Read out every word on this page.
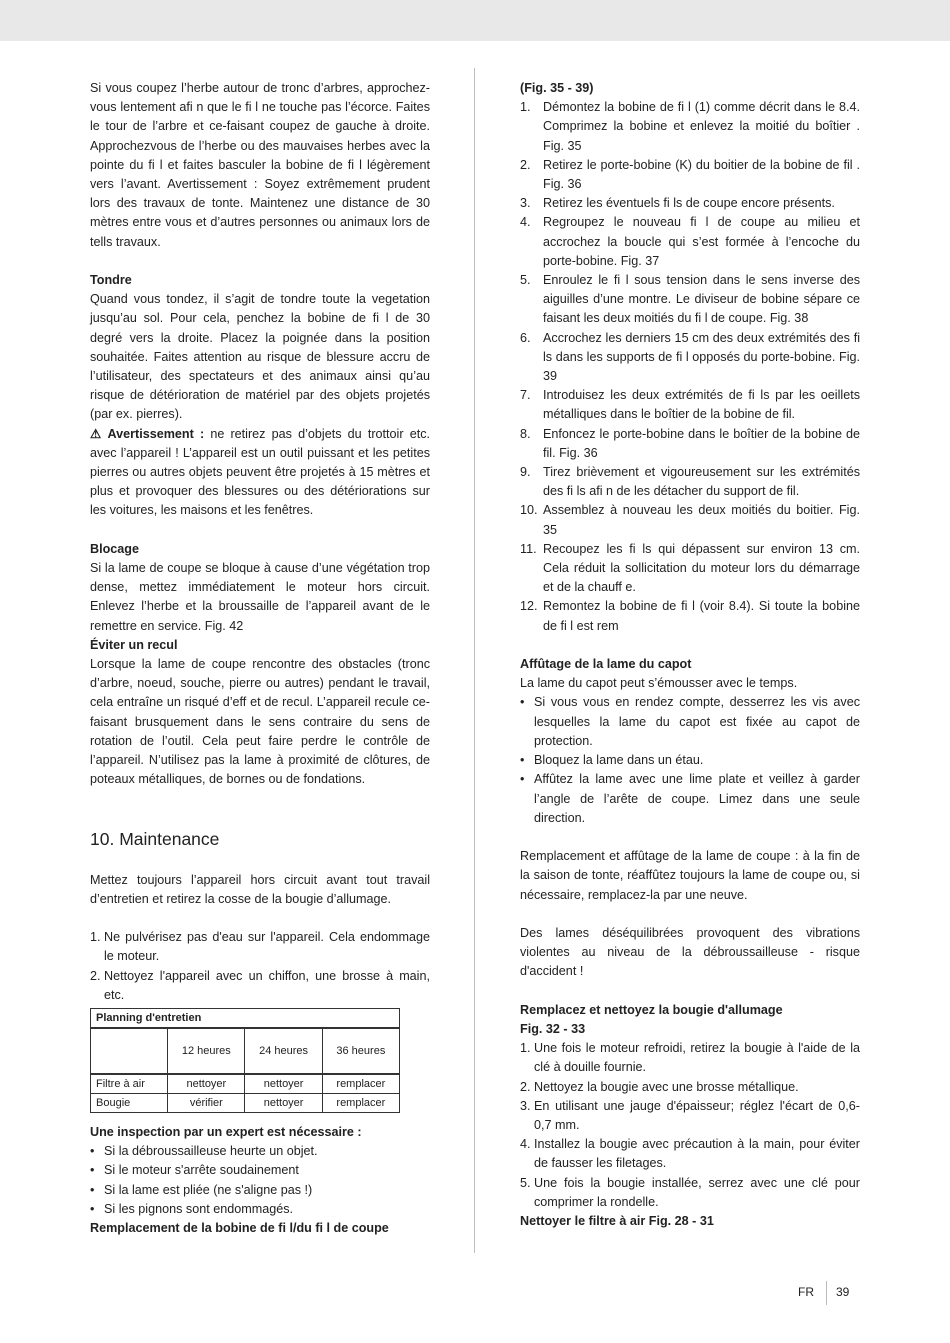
Si vous coupez l’herbe autour de tronc d’arbres, approchez-vous lentement afi n que le fi l ne touche pas l’écorce. Faites le tour de l’arbre et ce-faisant coupez de gauche à droite. Approchezvous de l’herbe ou des mauvaises herbes avec la pointe du fi l et faites basculer la bobine de fi l légèrement vers l’avant. Avertissement : Soyez extrêmement prudent lors des travaux de tonte. Maintenez une distance de 30 mètres entre vous et d’autres personnes ou animaux lors de tells travaux.

Tondre

Quand vous tondez, il s’agit de tondre toute la vegetation jusqu’au sol. Pour cela, penchez la bobine de fi l de 30 degré vers la droite. Placez la poignée dans la position souhaitée. Faites attention au risque de blessure accru de l’utilisateur, des spectateurs et des animaux ainsi qu’au risque de détérioration de matériel par des objets projetés (par ex. pierres).

⚠ Avertissement : ne retirez pas d’objets du trottoir etc. avec l’appareil ! L’appareil est un outil puissant et les petites pierres ou autres objets peuvent être projetés à 15 mètres et plus et provoquer des blessures ou des détériorations sur les voitures, les maisons et les fenêtres.

Blocage

Si la lame de coupe se bloque à cause d’une végétation trop dense, mettez immédiatement le moteur hors circuit. Enlevez l’herbe et la broussaille de l’appareil avant de le remettre en service. Fig. 42

Éviter un recul

Lorsque la lame de coupe rencontre des obstacles (tronc d’arbre, noeud, souche, pierre ou autres) pendant le travail, cela entraîne un risqué d’eff et de recul. L’appareil recule ce-faisant brusquement dans le sens contraire du sens de rotation de l’outil. Cela peut faire perdre le contrôle de l’appareil. N’utilisez pas la lame à proximité de clôtures, de poteaux métalliques, de bornes ou de fondations.

10. Maintenance

Mettez toujours l’appareil hors circuit avant tout travail d’entretien et retirez la cosse de la bougie d’allumage.

1. Ne pulvérisez pas d'eau sur l'appareil. Cela endommage le moteur.
2. Nettoyez l'appareil avec un chiffon, une brosse à main, etc.
Planning d'entretien			
	12 heures	24 heures	36 heures
Filtre à air	nettoyer	nettoyer	remplacer
Bougie	vérifier	nettoyer	remplacer

Une inspection par un expert est nécessaire :

• Si la débroussailleuse heurte un objet.
• Si le moteur s'arrête soudainement
• Si la lame est pliée (ne s'aligne pas !)
• Si les pignons sont endommagés.

Remplacement de la bobine de fi l/du fi l de coupe

(Fig. 35 - 39)

1. Démontez la bobine de fi l (1) comme décrit dans le 8.4. Comprimez la bobine et enlevez la moitié du boîtier . Fig. 35
2. Retirez le porte-bobine (K) du boitier de la bobine de fil . Fig. 36
3. Retirez les éventuels fi ls de coupe encore présents.
4. Regroupez le nouveau fi l de coupe au milieu et accrochez la boucle qui s’est formée à l’encoche du porte-bobine. Fig. 37
5. Enroulez le fi l sous tension dans le sens inverse des aiguilles d’une montre. Le diviseur de bobine sépare ce faisant les deux moitiés du fi l de coupe. Fig. 38
6. Accrochez les derniers 15 cm des deux extrémités des fi ls dans les supports de fi l opposés du porte-bobine. Fig. 39
7. Introduisez les deux extrémités de fi ls par les oeillets métalliques dans le boîtier de la bobine de fil.
8. Enfoncez le porte-bobine dans le boîtier de la bobine de fil. Fig. 36
9. Tirez brièvement et vigoureusement sur les extrémités des fi ls afi n de les détacher du support de fil.
10. Assemblez à nouveau les deux moitiés du boitier. Fig. 35
11. Recoupez les fi ls qui dépassent sur environ 13 cm. Cela réduit la sollicitation du moteur lors du démarrage et de la chauff e.
12. Remontez la bobine de fi l (voir 8.4). Si toute la bobine de fi l est rem

Affûtage de la lame du capot

La lame du capot peut s’émousser avec le temps.

• Si vous vous en rendez compte, desserrez les vis avec lesquelles la lame du capot est fixée au capot de protection.
• Bloquez la lame dans un étau.
• Affûtez la lame avec une lime plate et veillez à garder l’angle de l’arête de coupe. Limez dans une seule direction.

Remplacement et affûtage de la lame de coupe : à la fin de la saison de tonte, réaffûtez toujours la lame de coupe ou, si nécessaire, remplacez-la par une neuve.

Des lames déséquilibrées provoquent des vibrations violentes au niveau de la débroussailleuse - risque d'accident !

Remplacez et nettoyez la bougie d'allumage

Fig. 32 - 33

1. Une fois le moteur refroidi, retirez la bougie à l'aide de la clé à douille fournie.
2. Nettoyez la bougie avec une brosse métallique.
3. En utilisant une jauge d'épaisseur; réglez l'écart de 0,6-0,7 mm.
4. Installez la bougie avec précaution à la main, pour éviter de fausser les filetages.
5. Une fois la bougie installée, serrez avec une clé pour comprimer la rondelle.

Nettoyer le filtre à air Fig. 28 - 31

FR 39
